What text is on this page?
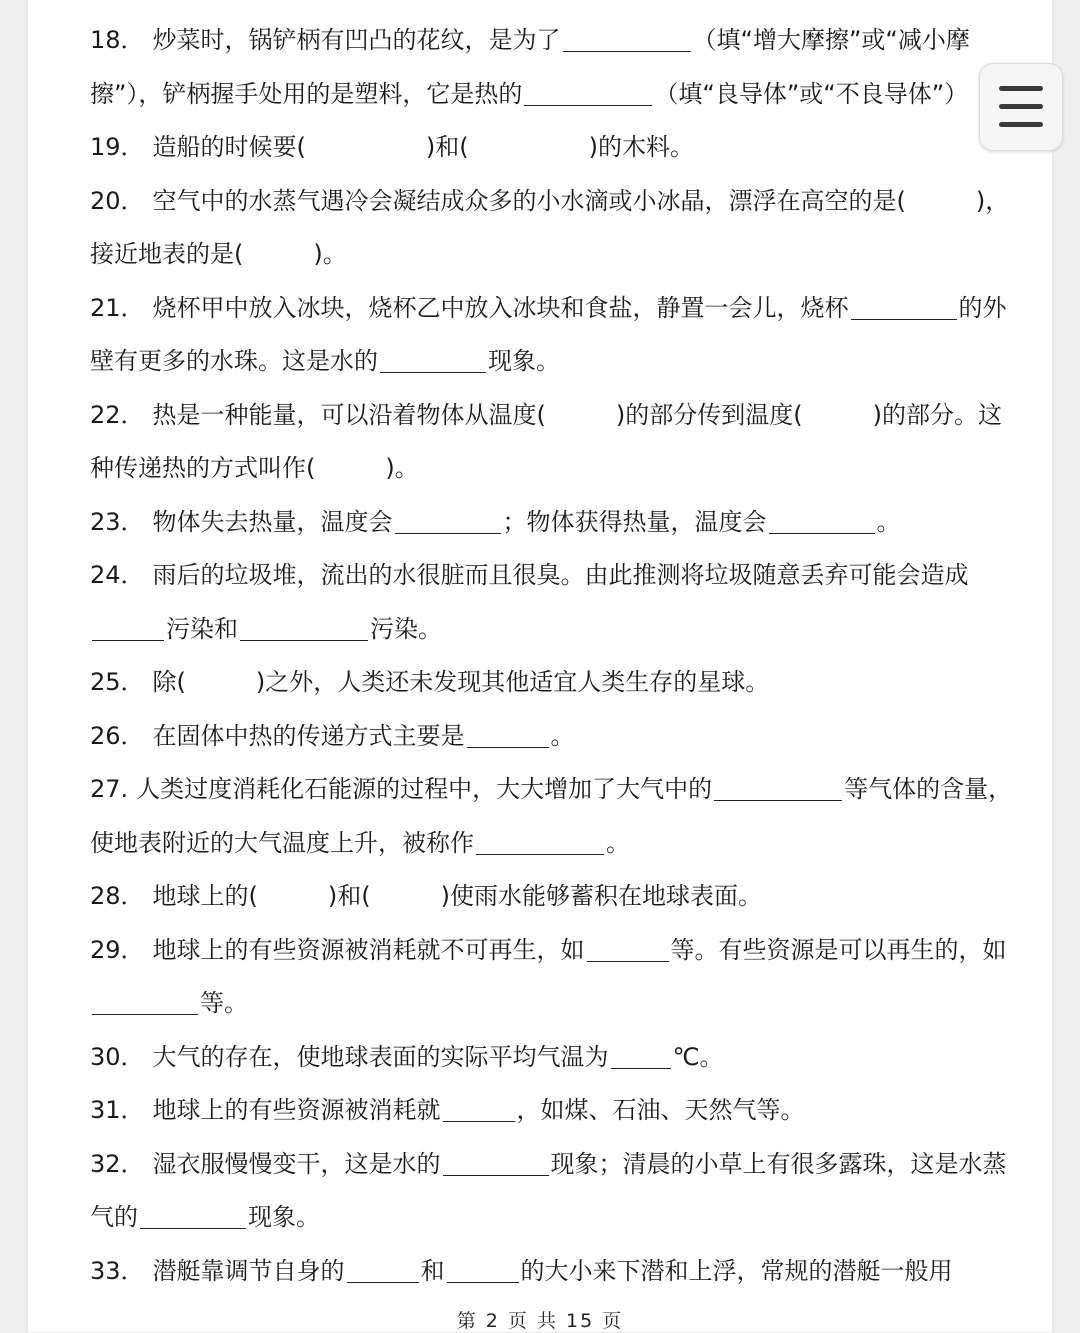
18． 炒菜时，锅铲柄有凹凸的花纹，是为了	（填“增大摩擦”或“减小摩
擦”），铲柄握手处用的是塑料，它是热的	（填“良导体”或“不良导体”）
19． 造船的时候要(	)和(	)的木料。
20． 空气中的水蒸气遇冷会凝结成众多的小水滴或小冰晶，漂浮在高空的是(	)，
接近地表的是(	)。
21． 烧杯甲中放入冰块，烧杯乙中放入冰块和食盐，静置一会儿，烧杯	的外
壁有更多的水珠。这是水的	现象。
22． 热是一种能量，可以沿着物体从温度(	)的部分传到温度(	)的部分。这
种传递热的方式叫作(	)。
23． 物体失去热量，温度会	；物体获得热量，温度会	。
24． 雨后的垃圾堆，流出的水很脏而且很臭。由此推测将垃圾随意丢弃可能会造成
污染和	污染。
25． 除(	)之外，人类还未发现其他适宜人类生存的星球。
26． 在固体中热的传递方式主要是	。
27. 人类过度消耗化石能源的过程中，大大增加了大气中的	等气体的含量，
使地表附近的大气温度上升，被称作	。
28． 地球上的(	)和(	)使雨水能够蓄积在地球表面。
29． 地球上的有些资源被消耗就不可再生，如	等。有些资源是可以再生的，如
等。
30． 大气的存在，使地球表面的实际平均气温为	℃。
31． 地球上的有些资源被消耗就	，如煤、石油、天然气等。
32． 湿衣服慢慢变干，这是水的	现象；清晨的小草上有很多露珠，这是水蒸
气的	现象。
33． 潜艇靠调节自身的	和	的大小来下潜和上浮，常规的潜艇一般用
第 2 页 共 15 页
